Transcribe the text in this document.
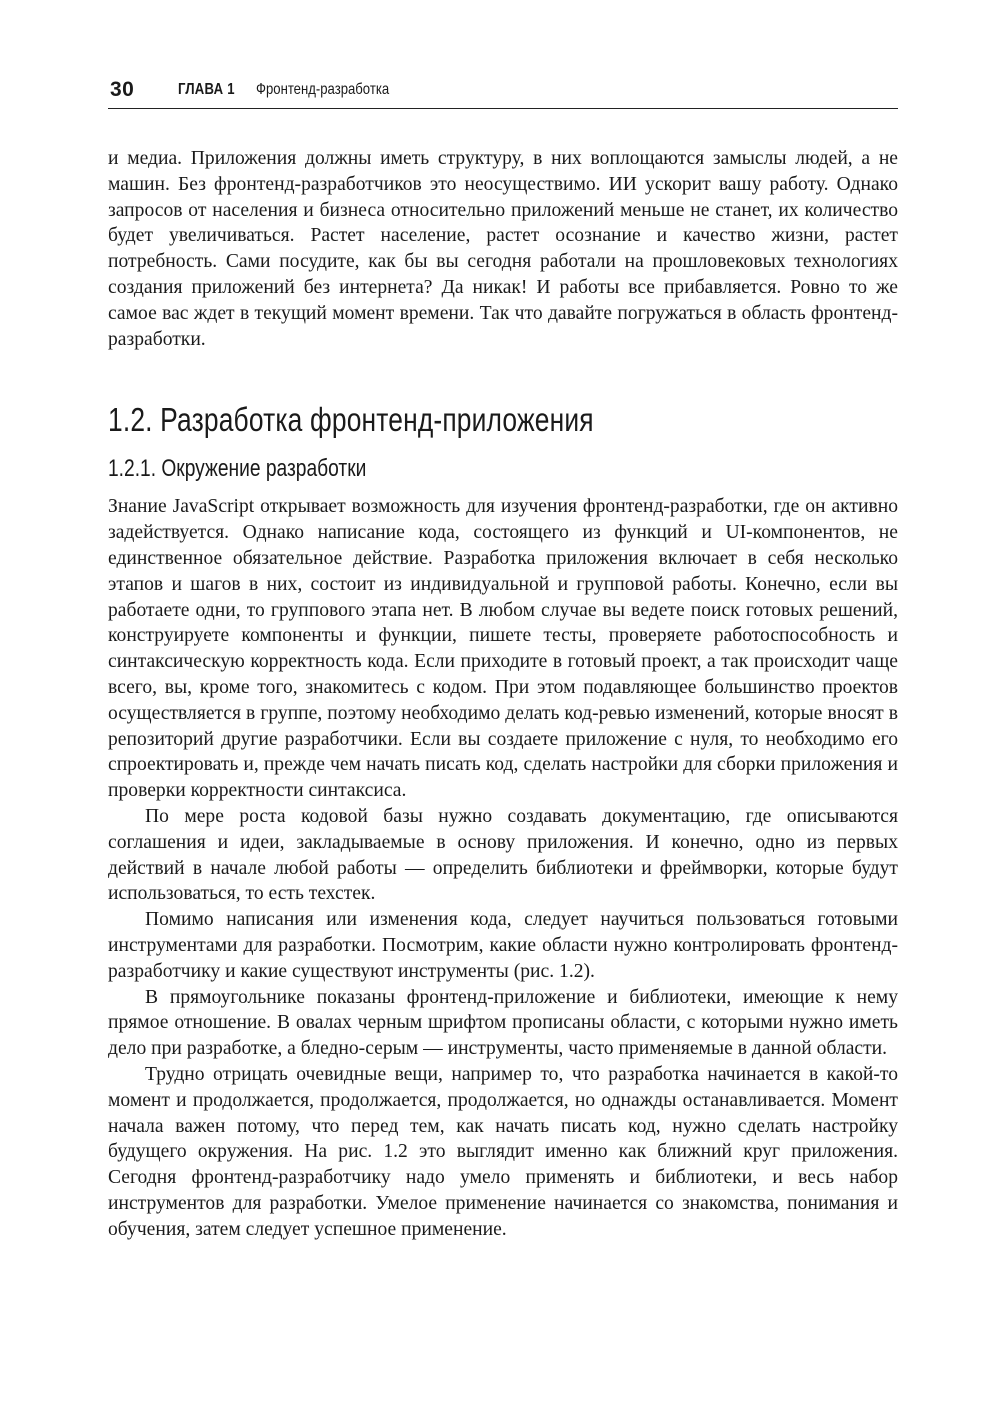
30	ГЛАВА 1 Фронтенд-разработка

и медиа. Приложения должны иметь структуру, в них воплощаются замыслы людей, а не машин. Без фронтенд-разработчиков это неосуществимо. ИИ ускорит вашу работу. Однако запросов от населения и бизнеса относительно приложений меньше не станет, их количество будет увеличиваться. Растет население, растет осознание и качество жизни, растет потребность. Сами посудите, как бы вы сегодня работали на прошловековых технологиях создания приложений без интернета? Да никак! И работы все прибавляется. Ровно то же самое вас ждет в текущий момент времени. Так что давайте погружаться в область фронтенд-разработки.

1.2. Разработка фронтенд-приложения
1.2.1. Окружение разработки

Знание JavaScript открывает возможность для изучения фронтенд-разработки, где он активно задействуется. Однако написание кода, состоящего из функций и UI-компонентов, не единственное обязательное действие. Разработка приложения включает в себя несколько этапов и шагов в них, состоит из индивидуальной и групповой работы. Конечно, если вы работаете одни, то группового этапа нет. В любом случае вы ведете поиск готовых решений, конструируете компоненты и функции, пишете тесты, проверяете работоспособность и синтаксическую корректность кода. Если приходите в готовый проект, а так происходит чаще всего, вы, кроме того, знакомитесь с кодом. При этом подавляющее большинство проектов осуществляется в группе, поэтому необходимо делать код-ревью изменений, которые вносят в репозиторий другие разработчики. Если вы создаете приложение с нуля, то необходимо его спроектировать и, прежде чем начать писать код, сделать настройки для сборки приложения и проверки корректности синтаксиса.

По мере роста кодовой базы нужно создавать документацию, где описываются соглашения и идеи, закладываемые в основу приложения. И конечно, одно из первых действий в начале любой работы — определить библиотеки и фреймворки, которые будут использоваться, то есть техстек.

Помимо написания или изменения кода, следует научиться пользоваться готовыми инструментами для разработки. Посмотрим, какие области нужно контролировать фронтенд-разработчику и какие существуют инструменты (рис. 1.2).

В прямоугольнике показаны фронтенд-приложение и библиотеки, имеющие к нему прямое отношение. В овалах черным шрифтом прописаны области, с которыми нужно иметь дело при разработке, а бледно-серым — инструменты, часто применяемые в данной области.

Трудно отрицать очевидные вещи, например то, что разработка начинается в какой-то момент и продолжается, продолжается, продолжается, но однажды останавливается. Момент начала важен потому, что перед тем, как начать писать код, нужно сделать настройку будущего окружения. На рис. 1.2 это выглядит именно как ближний круг приложения. Сегодня фронтенд-разработчику надо умело применять и библиотеки, и весь набор инструментов для разработки. Умелое применение начинается со знакомства, понимания и обучения, затем следует успешное применение.
